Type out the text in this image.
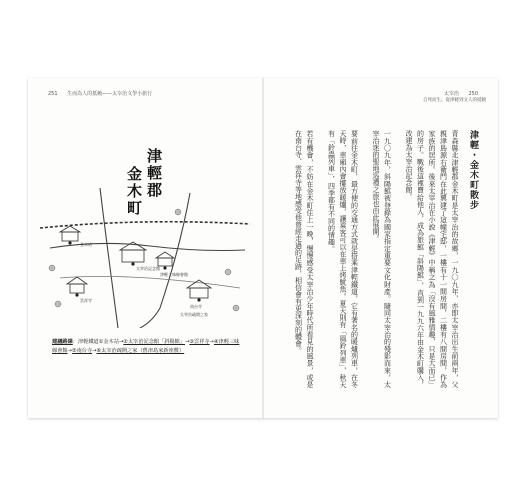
251 生而為人的抵賴——太宰治文學小旅行
津輕郡
金木町
金木站
太宰治記念館
雲祥寺
津輕三味線會館
南台寺
太宰治疏開之家
建議路線：津輕鐵道①金木站→②太宰治記念館「斜陽館」→③雲祥寺→④津輕三味線會館→⑤南台寺→⑥太宰治疏開之家（舊津島家新座敷）
太宰治 250
自死而生、從津軽到文人的抵賴
津輕・金木町散步

青森縣北津輕郡金木町是太宰治的故鄉，一九〇九年，亦即太宰治出生前兩年，父親津島源右衛門在此興建了這幢宅邸，一樓有十一間房間，二樓有八間房間，作為家族的居所。後來太宰治在小說《津輕》中稱之為「沒有風雅情趣，只是大而已」的房子。戰後這裡賣給他人，成為旅館「斜陽館」，直到一九九六年由金木町購入，改建為太宰治記念館。

一九〇九年，斜陽館被登錄為國家指定重要文化財產。隨同太宰治的殘影而來，太宰治迷的聖地巡禮之旅也由此展開。

要前往金木町，最方便的交通方式就是搭乘津輕鐵道，它有著名的暖爐列車，在冬天時，車廂內會擺放暖爐，讓乘客可以在車上烤魷魚。夏天則有「風鈴列車」，秋天有「鈴蟲列車」，四季都有不同的情趣。

若有機會，不妨在金木町住上一晚，慢慢感受太宰治少年時代所看見的風景，或是在南台寺、雲祥寺等地感受他曾經走過的足跡，相信會有更深刻的體會。
